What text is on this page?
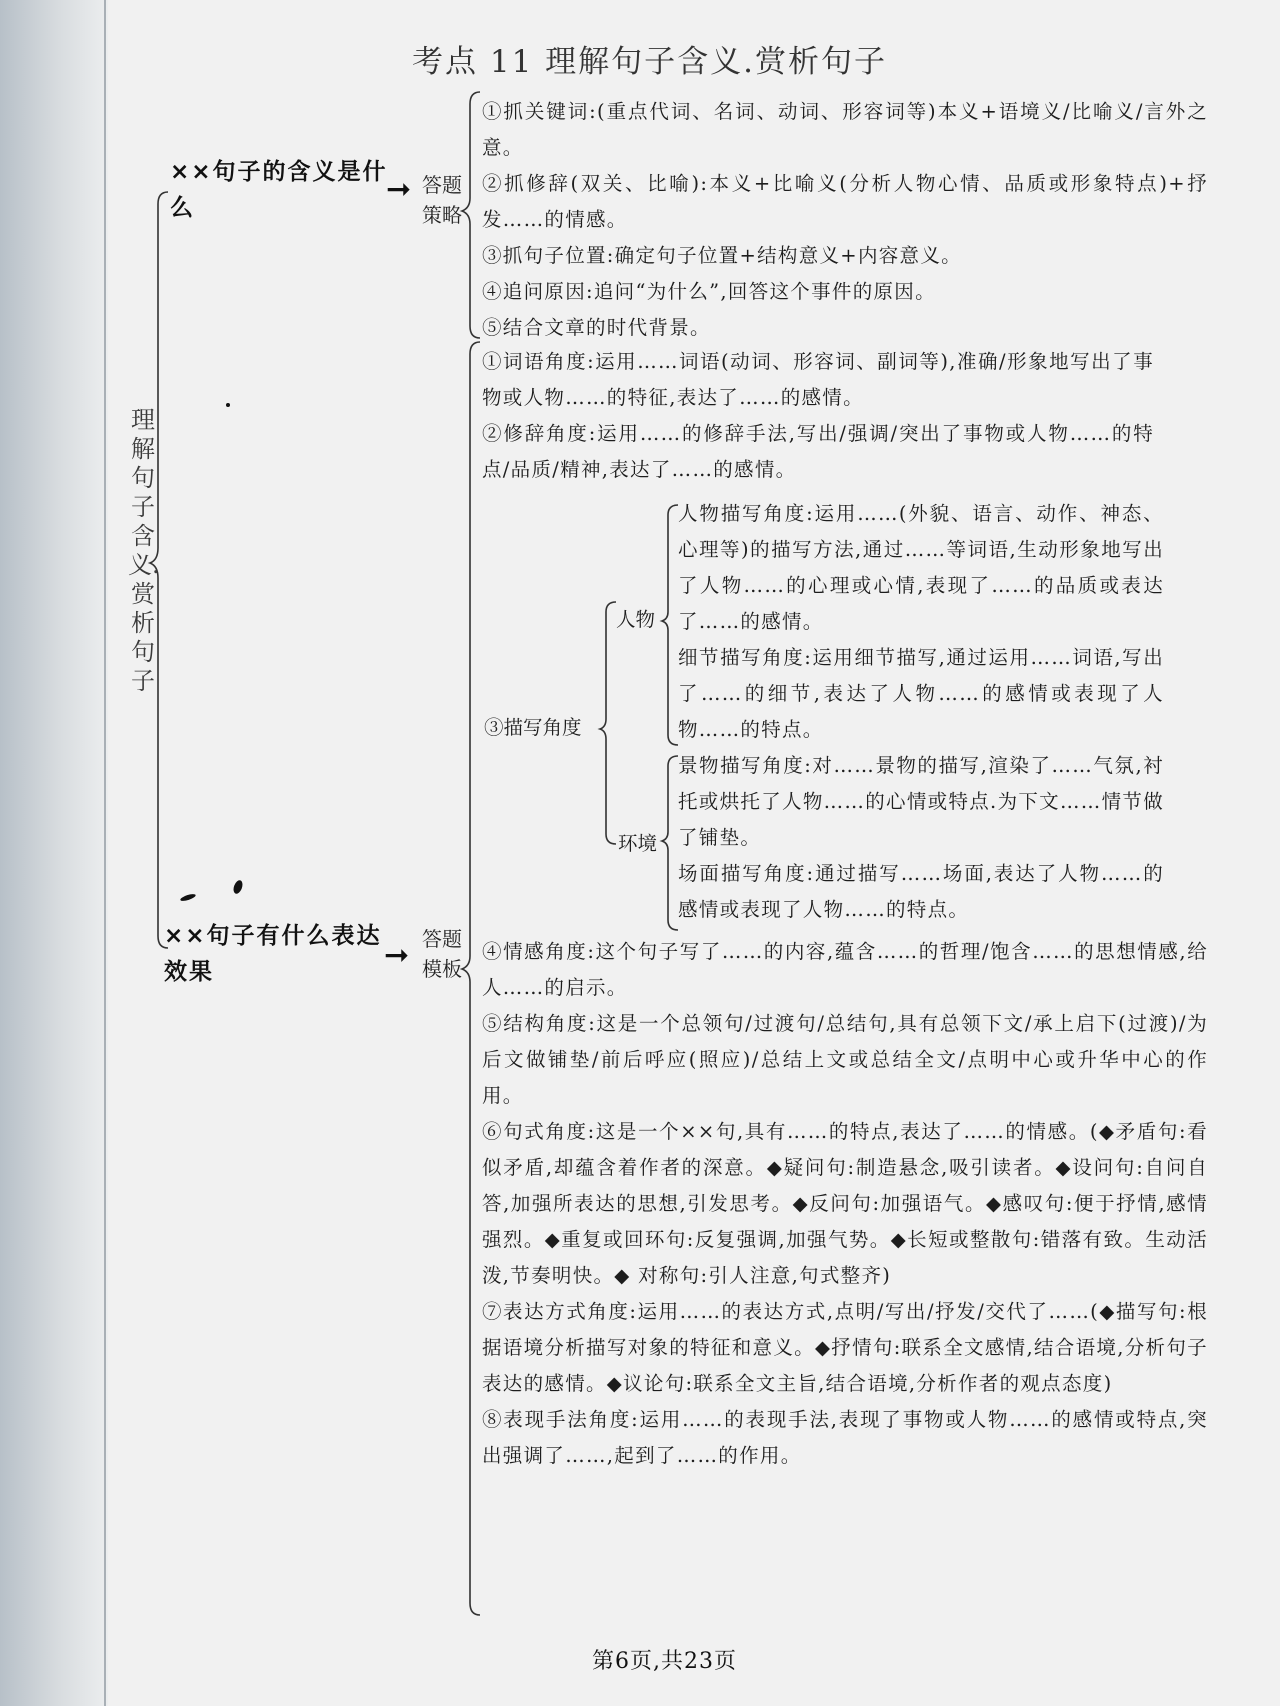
考点 11 理解句子含义.赏析句子
××句子的含义是什么
➞ 答题策略
理解句子含义.赏析句子
①抓关键词:(重点代词、名词、动词、形容词等)本义+语境义/比喻义/言外之意。
②抓修辞(双关、比喻):本义+比喻义(分析人物心情、品质或形象特点)+抒发……的情感。
③抓句子位置:确定句子位置+结构意义+内容意义。
④追问原因:追问“为什么”,回答这个事件的原因。
⑤结合文章的时代背景。
①词语角度:运用……词语(动词、形容词、副词等),准确/形象地写出了事物或人物……的特征,表达了……的感情。
②修辞角度:运用……的修辞手法,写出/强调/突出了事物或人物……的特点/品质/精神,表达了……的感情。
③描写角度
人物
环境
人物描写角度:运用……(外貌、语言、动作、神态、心理等)的描写方法,通过……等词语,生动形象地写出了人物……的心理或心情,表现了……的品质或表达了……的感情。
细节描写角度:运用细节描写,通过运用……词语,写出了……的细节,表达了人物……的感情或表现了人物……的特点。
景物描写角度:对……景物的描写,渲染了……气氛,衬托或烘托了人物……的心情或特点.为下文……情节做了铺垫。
场面描写角度:通过描写……场面,表达了人物……的感情或表现了人物……的特点。
××句子有什么表达效果	➞ 答题模板
④情感角度:这个句子写了……的内容,蕴含……的哲理/饱含……的思想情感,给人……的启示。
⑤结构角度:这是一个总领句/过渡句/总结句,具有总领下文/承上启下(过渡)/为后文做铺垫/前后呼应(照应)/总结上文或总结全文/点明中心或升华中心的作用。
⑥句式角度:这是一个××句,具有……的特点,表达了……的情感。(◆矛盾句:看似矛盾,却蕴含着作者的深意。◆疑问句:制造悬念,吸引读者。◆设问句:自问自答,加强所表达的思想,引发思考。◆反问句:加强语气。◆感叹句:便于抒情,感情强烈。◆重复或回环句:反复强调,加强气势。◆长短或整散句:错落有致。生动活泼,节奏明快。◆ 对称句:引人注意,句式整齐)
⑦表达方式角度:运用……的表达方式,点明/写出/抒发/交代了……(◆描写句:根据语境分析描写对象的特征和意义。◆抒情句:联系全文感情,结合语境,分析句子表达的感情。◆议论句:联系全文主旨,结合语境,分析作者的观点态度)
⑧表现手法角度:运用……的表现手法,表现了事物或人物……的感情或特点,突出强调了……,起到了……的作用。
第6页,共23页
